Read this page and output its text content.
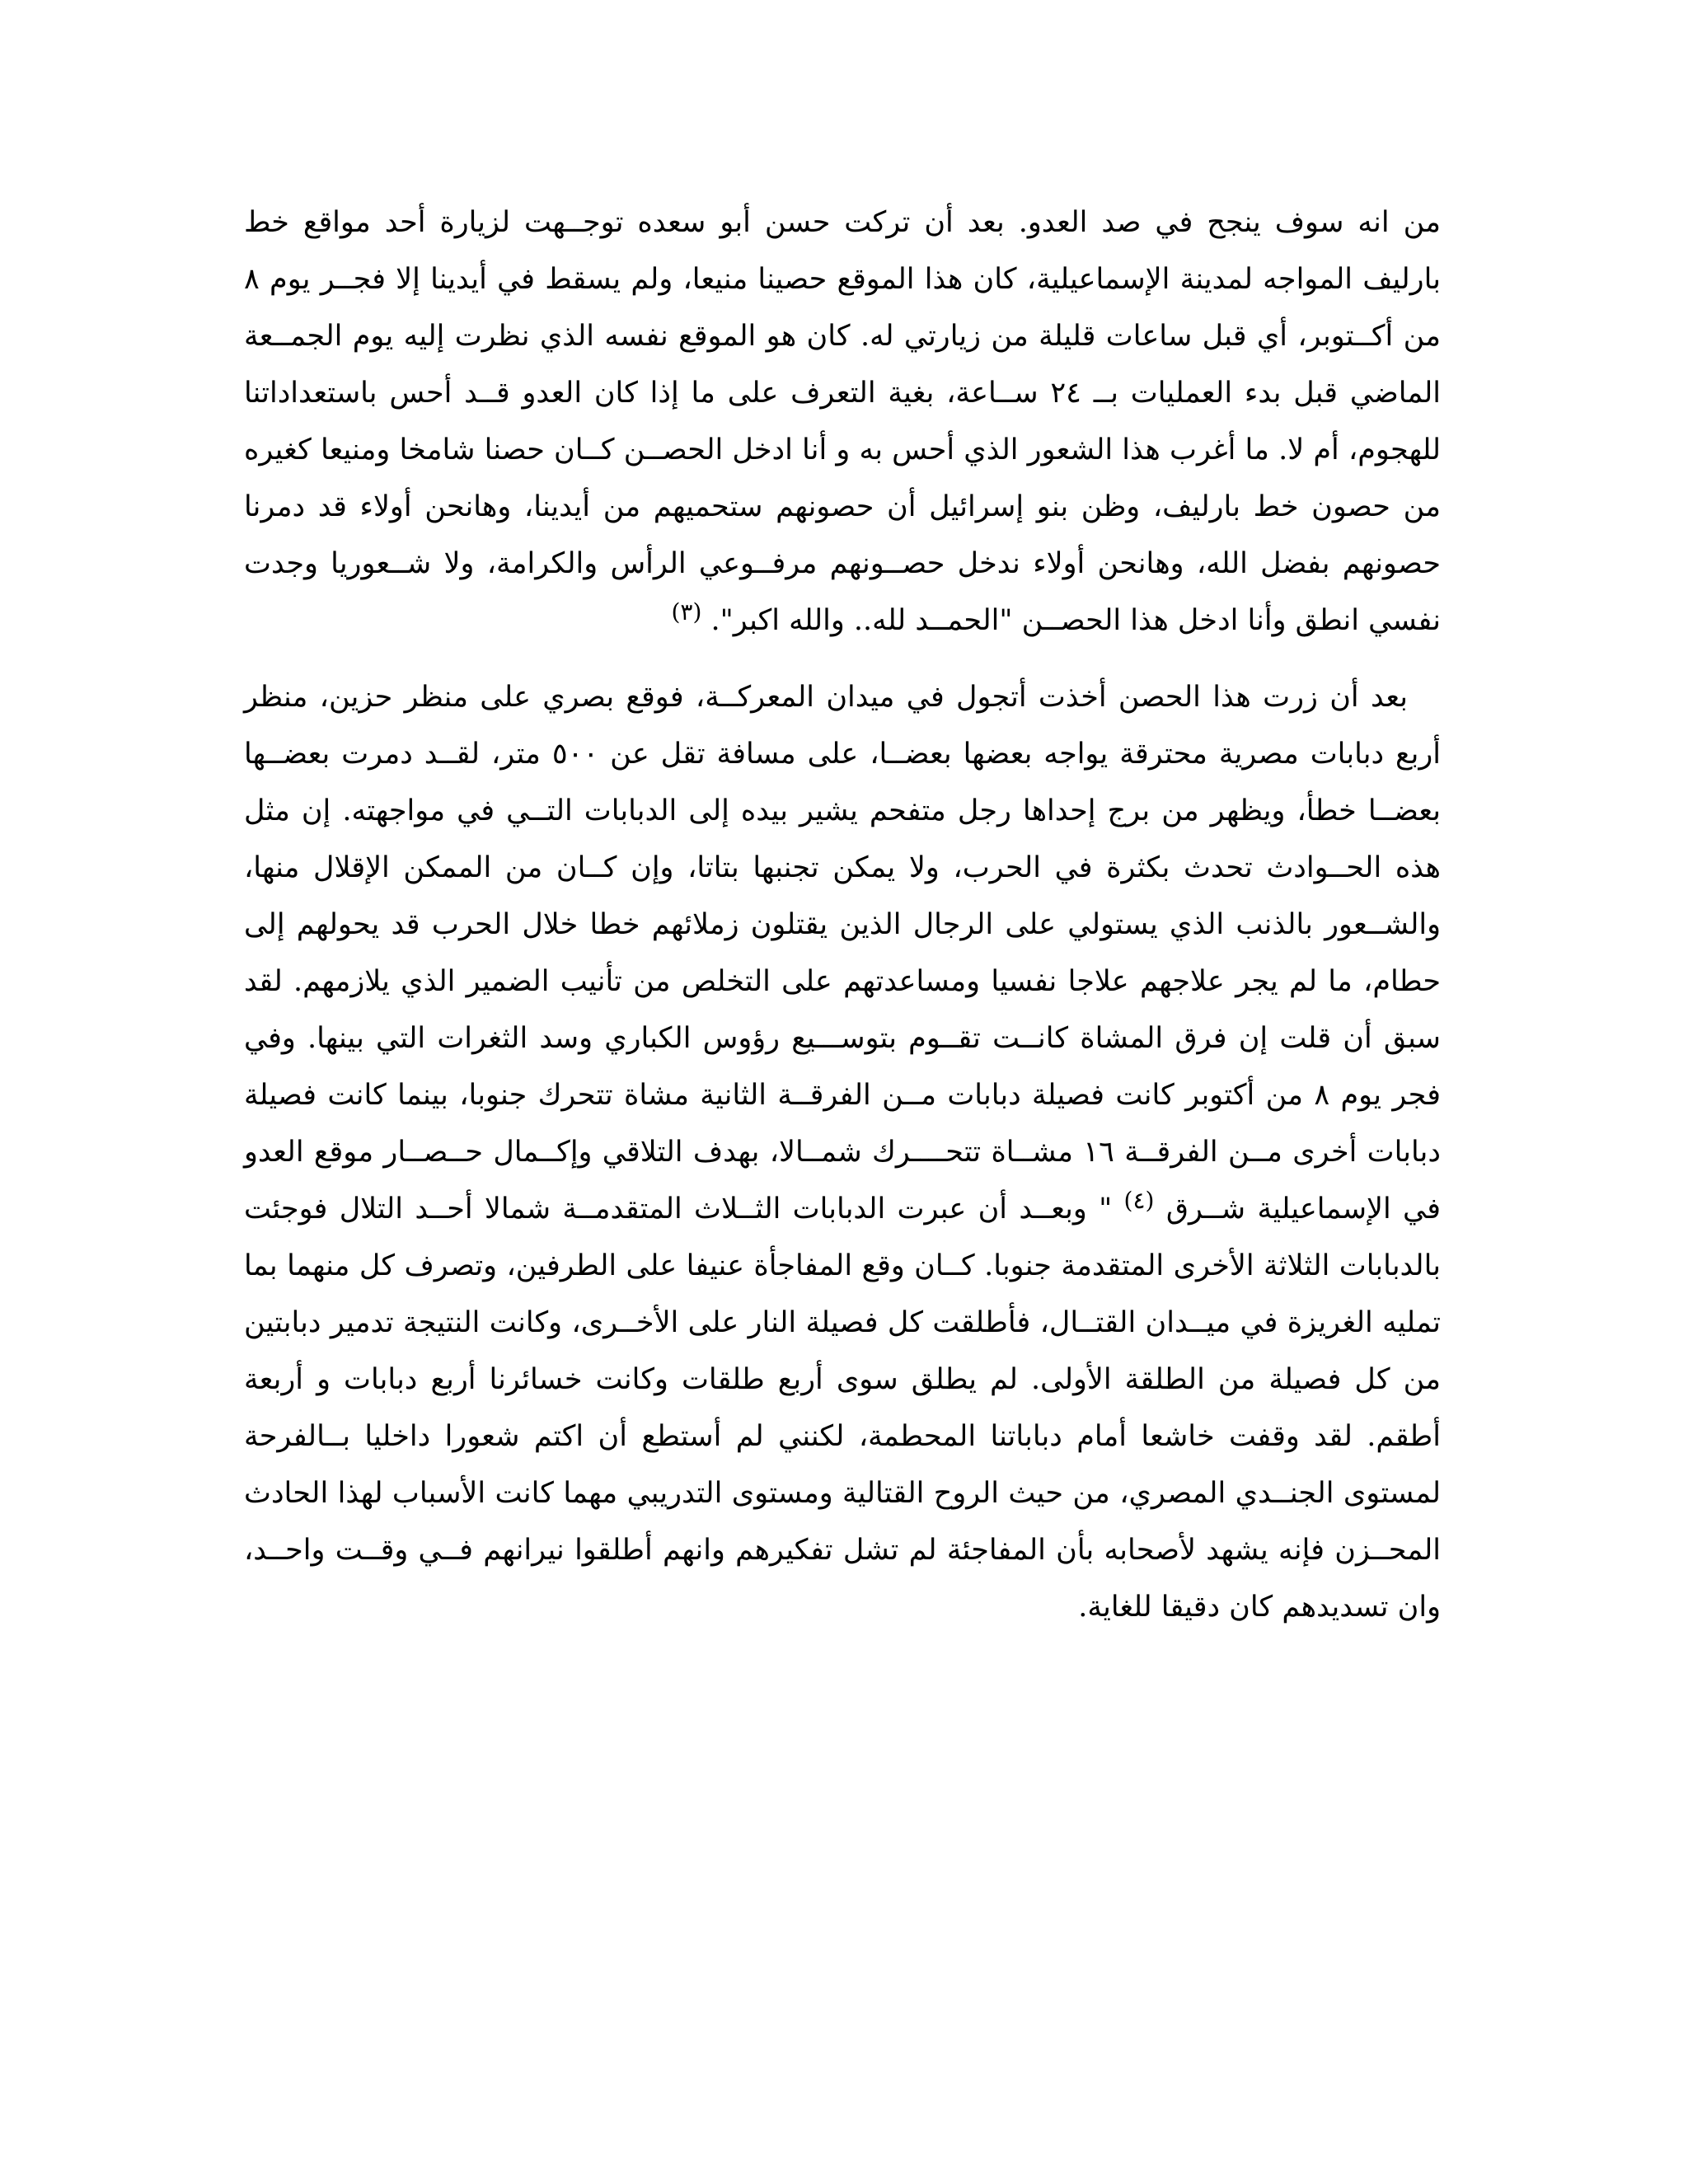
من انه سوف ينجح في صد العدو. بعد أن تركت حسن أبو سعده توجــهت لزيارة أحد مواقع خط بارليف المواجه لمدينة الإسماعيلية، كان هذا الموقع حصينا منيعا، ولم يسقط في أيدينا إلا فجــر يوم ٨ من أكــتوبر، أي قبل ساعات قليلة من زيارتي له. كان هو الموقع نفسه الذي نظرت إليه يوم الجمــعة الماضي قبل بدء العمليات بــ ٢٤ ســاعة، بغية التعرف على ما إذا كان العدو قــد أحس باستعداداتنا للهجوم، أم لا. ما أغرب هذا الشعور الذي أحس به و أنا ادخل الحصــن كــان حصنا شامخا ومنيعا كغيره من حصون خط بارليف، وظن بنو إسرائيل أن حصونهم ستحميهم من أيدينا، وهانحن أولاء قد دمرنا حصونهم بفضل الله، وهانحن أولاء ندخل حصــونهم مرفــوعي الرأس والكرامة، ولا شــعوريا وجدت نفسي انطق وأنا ادخل هذا الحصــن "الحمــد لله.. والله اكبر". $^{(٣)}$

بعد أن زرت هذا الحصن أخذت أتجول في ميدان المعركــة، فوقع بصري على منظر حزين، منظر أربع دبابات مصرية محترقة يواجه بعضها بعضــا، على مسافة تقل عن ٥٠٠ متر، لقــد دمرت بعضــها بعضــا خطأ، ويظهر من برج إحداها رجل متفحم يشير بيده إلى الدبابات التــي في مواجهته. إن مثل هذه الحــوادث تحدث بكثرة في الحرب، ولا يمكن تجنبها بتاتا، وإن كــان من الممكن الإقلال منها، والشــعور بالذنب الذي يستولي على الرجال الذين يقتلون زملائهم خطا خلال الحرب قد يحولهم إلى حطام، ما لم يجر علاجهم علاجا نفسيا ومساعدتهم على التخلص من تأنيب الضمير الذي يلازمهم. لقد سبق أن قلت إن فرق المشاة كانــت تقــوم بتوســـيع رؤوس الكباري وسد الثغرات التي بينها. وفي فجر يوم ٨ من أكتوبر كانت فصيلة دبابات مــن الفرقــة الثانية مشاة تتحرك جنوبا، بينما كانت فصيلة دبابات أخرى مــن الفرقــة ١٦ مشــاة تتحــــرك شمــالا، بهدف التلاقي وإكــمال حــصــار موقع العدو في الإسماعيلية شــرق $^{(٤)}$ " وبعــد أن عبرت الدبابات الثــلاث المتقدمــة شمالا أحــد التلال فوجئت بالدبابات الثلاثة الأخرى المتقدمة جنوبا. كــان وقع المفاجأة عنيفا على الطرفين، وتصرف كل منهما بما تمليه الغريزة في ميــدان القتــال، فأطلقت كل فصيلة النار على الأخــرى، وكانت النتيجة تدمير دبابتين من كل فصيلة من الطلقة الأولى. لم يطلق سوى أربع طلقات وكانت خسائرنا أربع دبابات و أربعة أطقم. لقد وقفت خاشعا أمام دباباتنا المحطمة، لكنني لم أستطع أن اكتم شعورا داخليا بــالفرحة لمستوى الجنــدي المصري، من حيث الروح القتالية ومستوى التدريبي مهما كانت الأسباب لهذا الحادث المحــزن فإنه يشهد لأصحابه بأن المفاجئة لم تشل تفكيرهم وانهم أطلقوا نيرانهم فــي وقــت واحــد، وان تسديدهم كان دقيقا للغاية.
